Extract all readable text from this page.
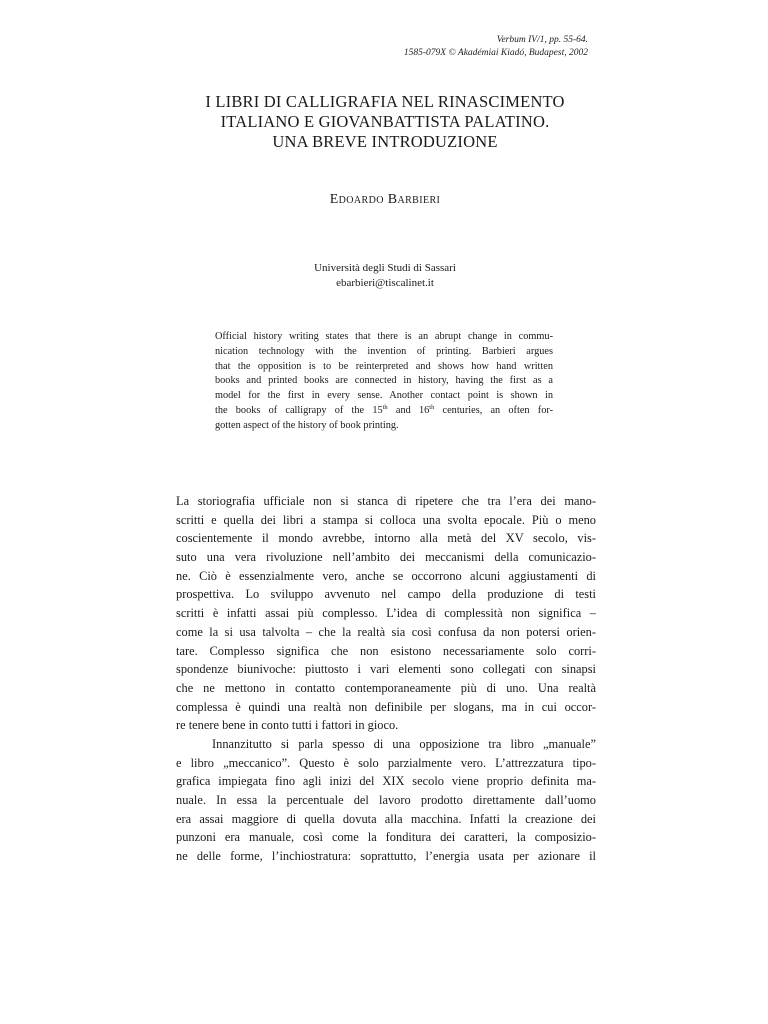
Verbum IV/1, pp. 55-64.
1585-079X © Akadémiai Kiadó, Budapest, 2002
I LIBRI DI CALLIGRAFIA NEL RINASCIMENTO
ITALIANO E GIOVANBATTISTA PALATINO.
UNA BREVE INTRODUZIONE
Edoardo Barbieri
Università degli Studi di Sassari
ebarbieri@tiscalinet.it
Official history writing states that there is an abrupt change in commu-
nication technology with the invention of printing. Barbieri argues
that the opposition is to be reinterpreted and shows how hand written
books and printed books are connected in history, having the first as a
model for the first in every sense. Another contact point is shown in
the books of calligrapy of the 15th and 16th centuries, an often for-
gotten aspect of the history of book printing.
La storiografia ufficiale non si stanca di ripetere che tra l’era dei mano-
scritti e quella dei libri a stampa si colloca una svolta epocale. Più o meno
coscientemente il mondo avrebbe, intorno alla metà del XV secolo, vis-
suto una vera rivoluzione nell’ambito dei meccanismi della comunicazio-
ne. Ciò è essenzialmente vero, anche se occorrono alcuni aggiustamenti di
prospettiva. Lo sviluppo avvenuto nel campo della produzione di testi
scritti è infatti assai più complesso. L’idea di complessità non significa –
come la si usa talvolta – che la realtà sia così confusa da non potersi orien-
tare. Complesso significa che non esistono necessariamente solo corri-
spondenze biunivoche: piuttosto i vari elementi sono collegati con sinapsi
che ne mettono in contatto contemporaneamente più di uno. Una realtà
complessa è quindi una realtà non definibile per slogans, ma in cui occor-
re tenere bene in conto tutti i fattori in gioco.
Innanzitutto si parla spesso di una opposizione tra libro „manuale”
e libro „meccanico”. Questo è solo parzialmente vero. L’attrezzatura tipo-
grafica impiegata fino agli inizi del XIX secolo viene proprio definita ma-
nuale. In essa la percentuale del lavoro prodotto direttamente dall’uomo
era assai maggiore di quella dovuta alla macchina. Infatti la creazione dei
punzoni era manuale, così come la fonditura dei caratteri, la composizio-
ne delle forme, l’inchiostratura: soprattutto, l’energia usata per azionare il
